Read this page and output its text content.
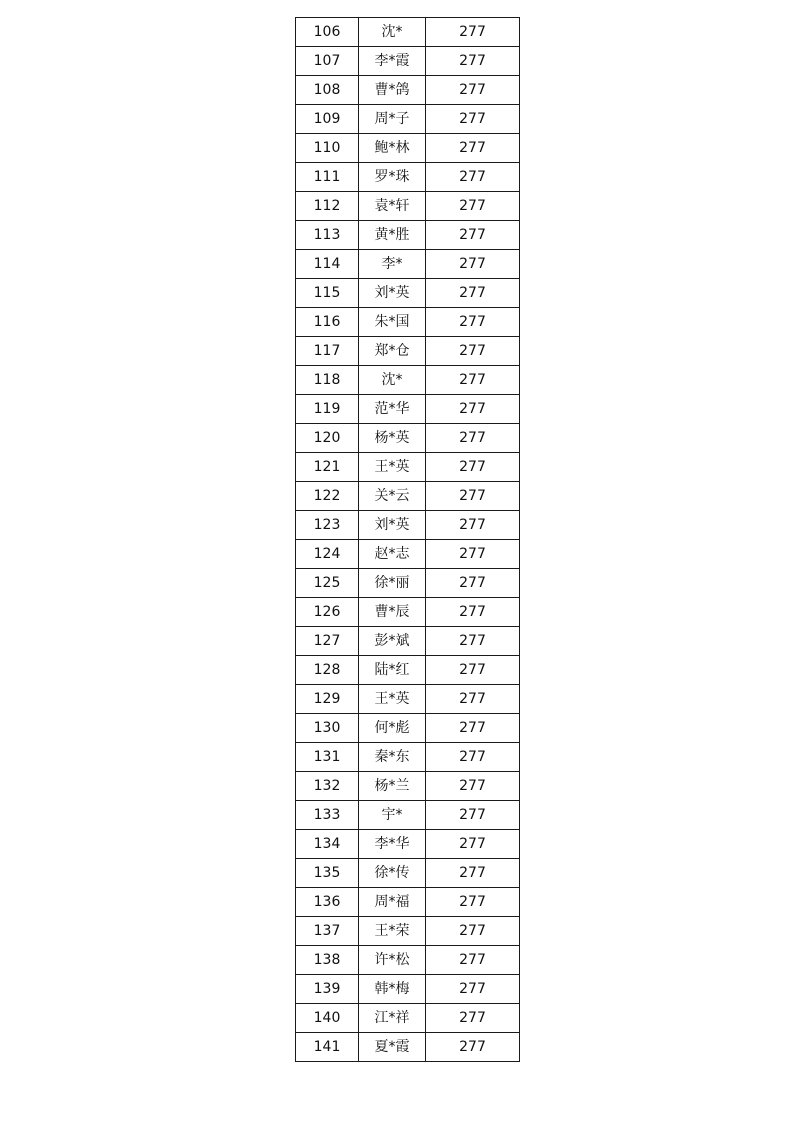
106	沈*	277
107	李*霞	277
108	曹*鸽	277
109	周*子	277
110	鲍*林	277
111	罗*珠	277
112	袁*轩	277
113	黄*胜	277
114	李*	277
115	刘*英	277
116	朱*国	277
117	郑*仓	277
118	沈*	277
119	范*华	277
120	杨*英	277
121	王*英	277
122	关*云	277
123	刘*英	277
124	赵*志	277
125	徐*丽	277
126	曹*辰	277
127	彭*斌	277
128	陆*红	277
129	王*英	277
130	何*彪	277
131	秦*东	277
132	杨*兰	277
133	宇*	277
134	李*华	277
135	徐*传	277
136	周*福	277
137	王*荣	277
138	许*松	277
139	韩*梅	277
140	江*祥	277
141	夏*霞	277
